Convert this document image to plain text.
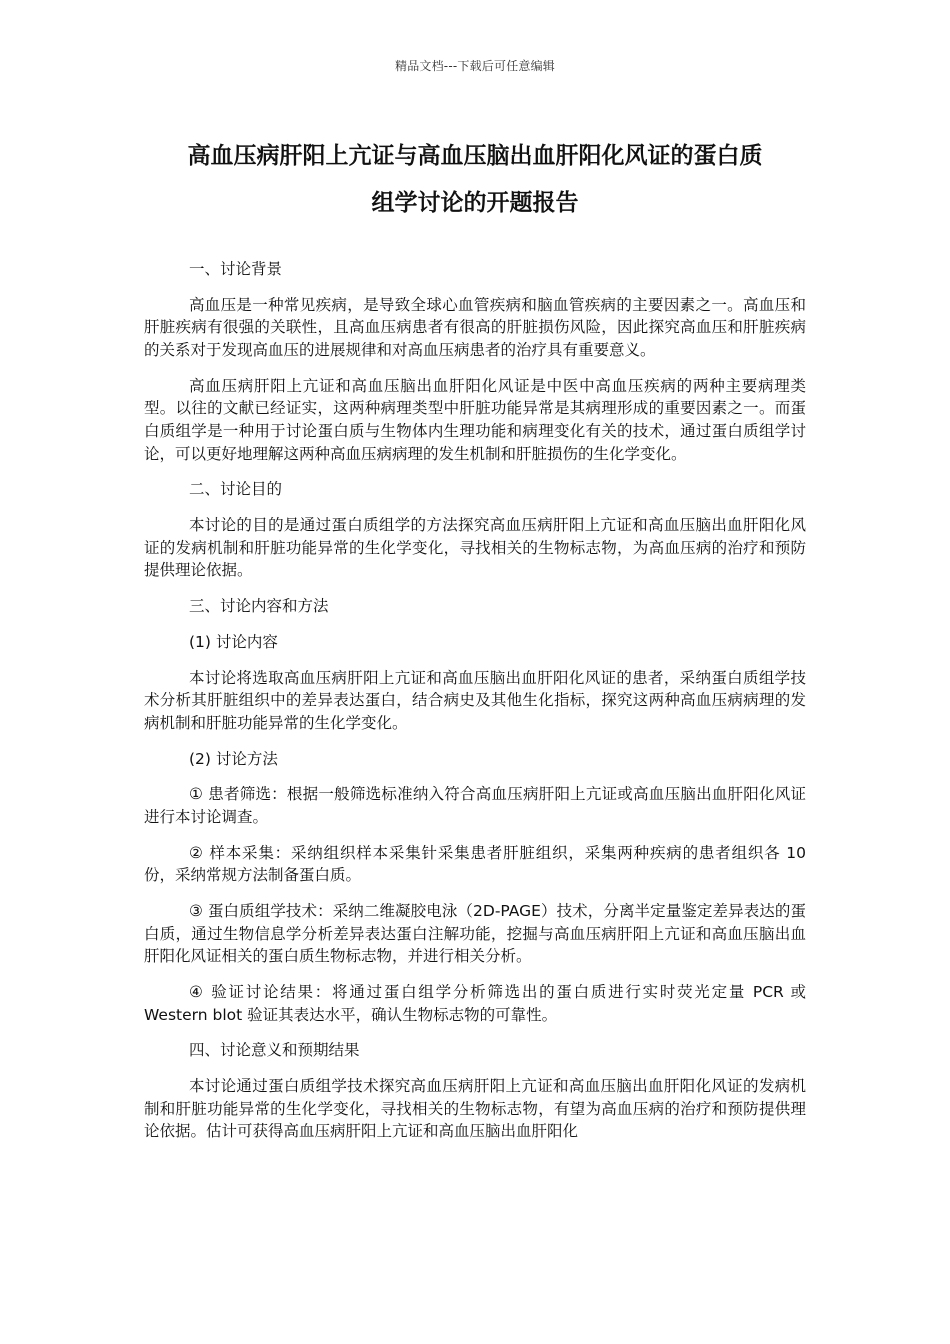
精品文档---下载后可任意编辑
高血压病肝阳上亢证与高血压脑出血肝阳化风证的蛋白质
组学讨论的开题报告

一、讨论背景

高血压是一种常见疾病，是导致全球心血管疾病和脑血管疾病的主要因素之一。高血压和肝脏疾病有很强的关联性，且高血压病患者有很高的肝脏损伤风险，因此探究高血压和肝脏疾病的关系对于发现高血压的进展规律和对高血压病患者的治疗具有重要意义。

高血压病肝阳上亢证和高血压脑出血肝阳化风证是中医中高血压疾病的两种主要病理类型。以往的文献已经证实，这两种病理类型中肝脏功能异常是其病理形成的重要因素之一。而蛋白质组学是一种用于讨论蛋白质与生物体内生理功能和病理变化有关的技术，通过蛋白质组学讨论，可以更好地理解这两种高血压病病理的发生机制和肝脏损伤的生化学变化。

二、讨论目的

本讨论的目的是通过蛋白质组学的方法探究高血压病肝阳上亢证和高血压脑出血肝阳化风证的发病机制和肝脏功能异常的生化学变化，寻找相关的生物标志物，为高血压病的治疗和预防提供理论依据。

三、讨论内容和方法

(1) 讨论内容

本讨论将选取高血压病肝阳上亢证和高血压脑出血肝阳化风证的患者，采纳蛋白质组学技术分析其肝脏组织中的差异表达蛋白，结合病史及其他生化指标，探究这两种高血压病病理的发病机制和肝脏功能异常的生化学变化。

(2) 讨论方法

① 患者筛选：根据一般筛选标准纳入符合高血压病肝阳上亢证或高血压脑出血肝阳化风证进行本讨论调查。

② 样本采集：采纳组织样本采集针采集患者肝脏组织，采集两种疾病的患者组织各 10 份，采纳常规方法制备蛋白质。

③ 蛋白质组学技术：采纳二维凝胶电泳（2D-PAGE）技术，分离半定量鉴定差异表达的蛋白质，通过生物信息学分析差异表达蛋白注解功能，挖掘与高血压病肝阳上亢证和高血压脑出血肝阳化风证相关的蛋白质生物标志物，并进行相关分析。

④ 验证讨论结果：将通过蛋白组学分析筛选出的蛋白质进行实时荧光定量 PCR 或 Western blot 验证其表达水平，确认生物标志物的可靠性。

四、讨论意义和预期结果

本讨论通过蛋白质组学技术探究高血压病肝阳上亢证和高血压脑出血肝阳化风证的发病机制和肝脏功能异常的生化学变化，寻找相关的生物标志物，有望为高血压病的治疗和预防提供理论依据。估计可获得高血压病肝阳上亢证和高血压脑出血肝阳化
